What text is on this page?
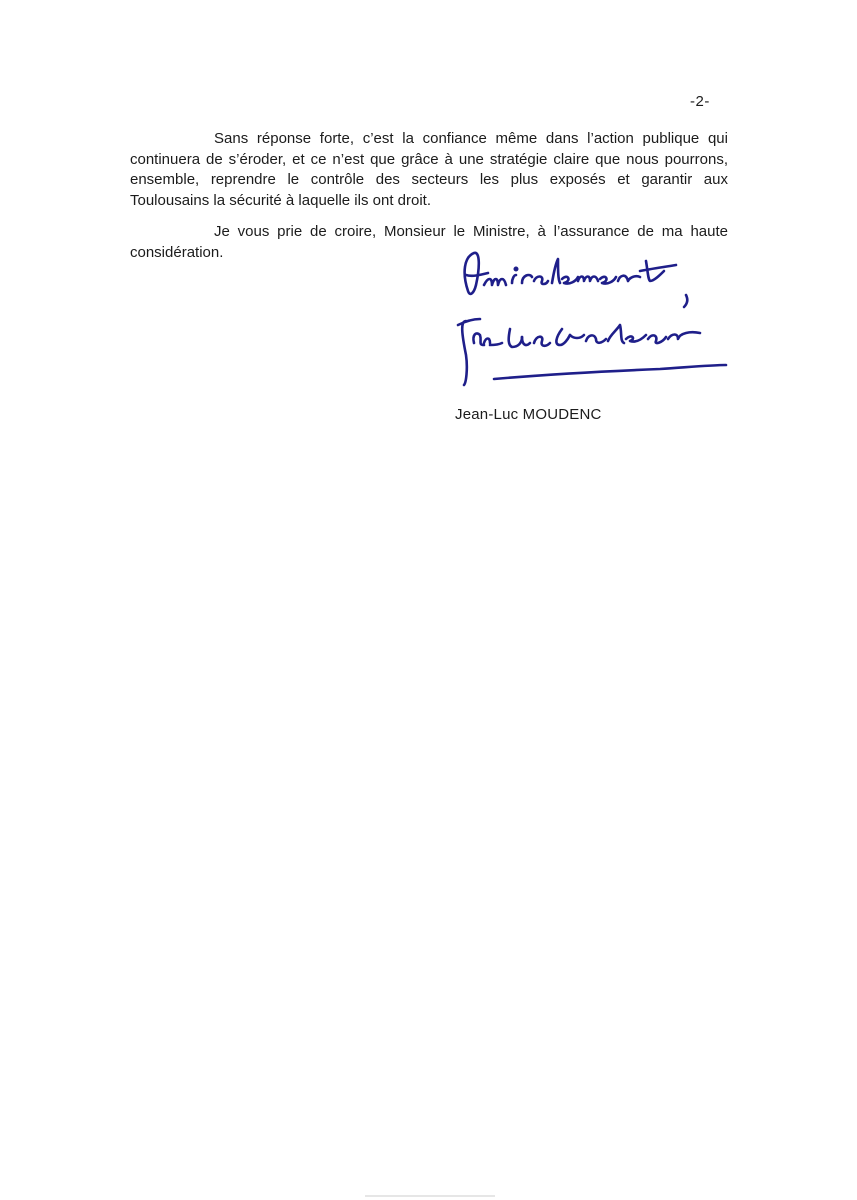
-2-

Sans réponse forte, c’est la confiance même dans l’action publique qui continuera de s’éroder, et ce n’est que grâce à une stratégie claire que nous pourrons, ensemble, reprendre le contrôle des secteurs les plus exposés et garantir aux Toulousains la sécurité à laquelle ils ont droit.

Je vous prie de croire, Monsieur le Ministre, à l’assurance de ma haute considération.

Jean-Luc MOUDENC
